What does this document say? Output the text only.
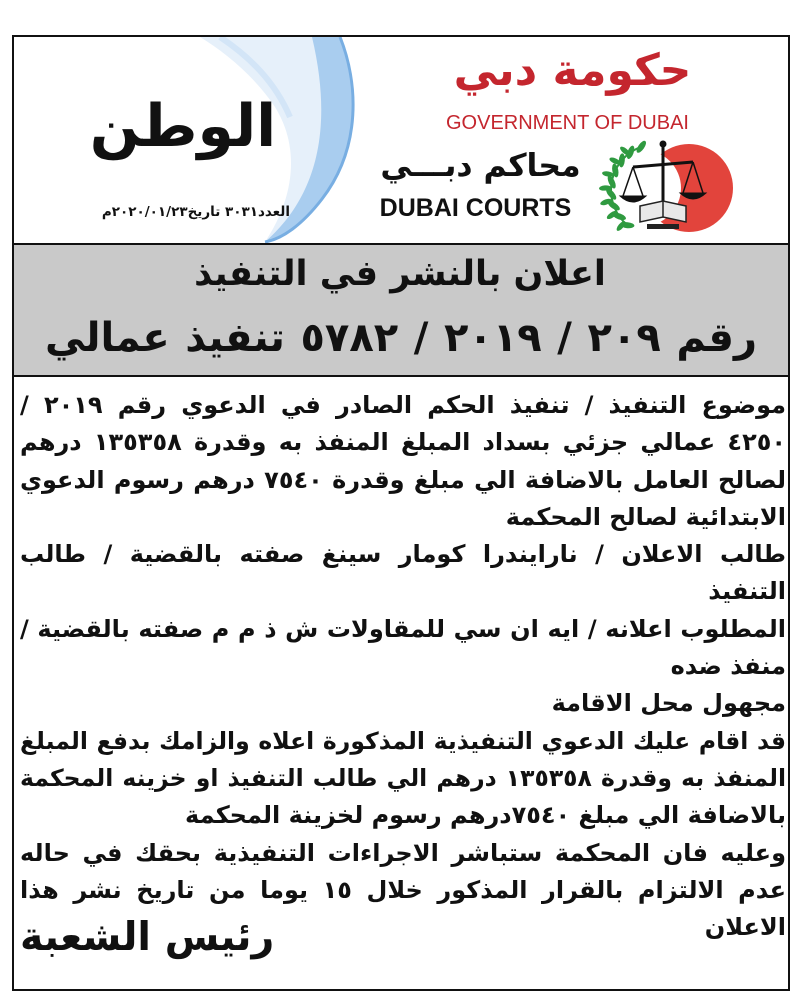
الوطن
العدد٣٠٣١ تاريخ٢٠٢٠/٠١/٢٣م
حكومة دبي
GOVERNMENT OF DUBAI
محاكم دبـــي
DUBAI COURTS
اعلان بالنشر في التنفيذ
رقم ٢٠٩ / ٢٠١٩ / ٥٧٨٢ تنفيذ عمالي
موضوع التنفيذ / تنفيذ الحكم الصادر في الدعوي رقم ٢٠١٩ /
٤٢٥٠ عمالي جزئي بسداد المبلغ المنفذ به وقدرة ١٣٥٣٥٨ درهم
لصالح العامل بالاضافة الي مبلغ وقدرة ٧٥٤٠ درهم رسوم الدعوي
الابتدائية لصالح المحكمة
طالب الاعلان / نارايندرا كومار سينغ صفته بالقضية / طالب
التنفيذ
المطلوب اعلانه / ايه ان سي للمقاولات ش ذ م م صفته بالقضية /
منفذ ضده
مجهول محل الاقامة
قد اقام عليك الدعوي التنفيذية المذكورة اعلاه والزامك بدفع المبلغ
المنفذ به وقدرة ١٣٥٣٥٨ درهم الي طالب التنفيذ او خزينه المحكمة
بالاضافة الي مبلغ ٧٥٤٠درهم رسوم لخزينة المحكمة
وعليه فان المحكمة ستباشر الاجراءات التنفيذية بحقك في حاله
عدم الالتزام بالقرار المذكور خلال ١٥ يوما من تاريخ نشر هذا
الاعلان
رئيس الشعبة
